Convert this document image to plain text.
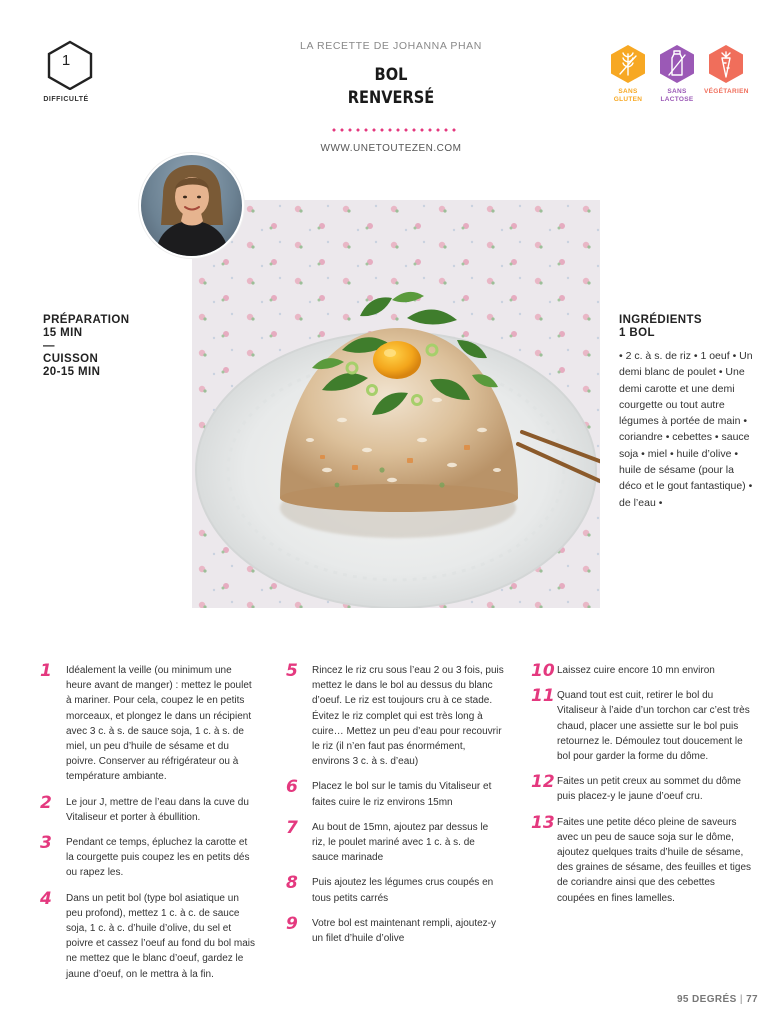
1
DIFFICULTÉ
LA RECETTE DE JOHANNA PHAN
BOL
RENVERSÉ
WWW.UNETOUTEZEN.COM
SANS
GLUTEN
SANS
LACTOSE
VÉGÉTARIEN
PRÉPARATION
15 MIN
—
CUISSON
20-15 MIN
INGRÉDIENTS
1 BOL
• 2 c. à s. de riz • 1 oeuf • Un demi blanc de poulet • Une demi carotte et une demi courgette ou tout autre légumes à portée de main • coriandre • cebettes • sauce soja • miel • huile d’olive • huile de sésame (pour la déco et le gout fantastique) • de l’eau •
1 Idéalement la veille (ou minimum une heure avant de manger) : mettez le poulet à mariner. Pour cela, coupez le en petits morceaux, et plongez le dans un récipient avec 3 c. à s. de sauce soja, 1 c. à s. de miel, un peu d’huile de sésame et du poivre. Conserver au réfrigérateur ou à température ambiante.
2 Le jour J, mettre de l’eau dans la cuve du Vitaliseur et porter à ébullition.
3 Pendant ce temps, épluchez la carotte et la courgette puis coupez les en petits dés ou rapez les.
4 Dans un petit bol (type bol asiatique un peu profond), mettez 1 c. à c. de sauce soja, 1 c. à c. d’huile d’olive, du sel et poivre et cassez l’oeuf au fond du bol mais ne mettez que le blanc d’oeuf, gardez le jaune d’oeuf, on le mettra à la fin.
5 Rincez le riz cru sous l’eau 2 ou 3 fois, puis mettez le dans le bol au dessus du blanc d’oeuf. Le riz est toujours cru à ce stade. Évitez le riz complet qui est très long à cuire… Mettez un peu d’eau pour recouvrir le riz (il n’en faut pas énormément, environs 3 c. à s. d’eau)
6 Placez le bol sur le tamis du Vitaliseur et faites cuire le riz environs 15mn
7 Au bout de 15mn, ajoutez par dessus le riz, le poulet mariné avec 1 c. à s. de sauce marinade
8 Puis ajoutez les légumes crus coupés en tous petits carrés
9 Votre bol est maintenant rempli, ajoutez-y un filet d’huile d’olive
10 Laissez cuire encore 10 mn environ
11 Quand tout est cuit, retirer le bol du Vitaliseur à l’aide d’un torchon car c’est très chaud, placer une assiette sur le bol puis retournez le. Démoulez tout doucement le bol pour garder la forme du dôme.
12 Faites un petit creux au sommet du dôme puis placez-y le jaune d’oeuf cru.
13 Faites une petite déco pleine de saveurs avec un peu de sauce soja sur le dôme, ajoutez quelques traits d’huile de sésame, des graines de sésame, des feuilles et tiges de coriandre ainsi que des cebettes coupées en fines lamelles.
95 DEGRÉS | 77
